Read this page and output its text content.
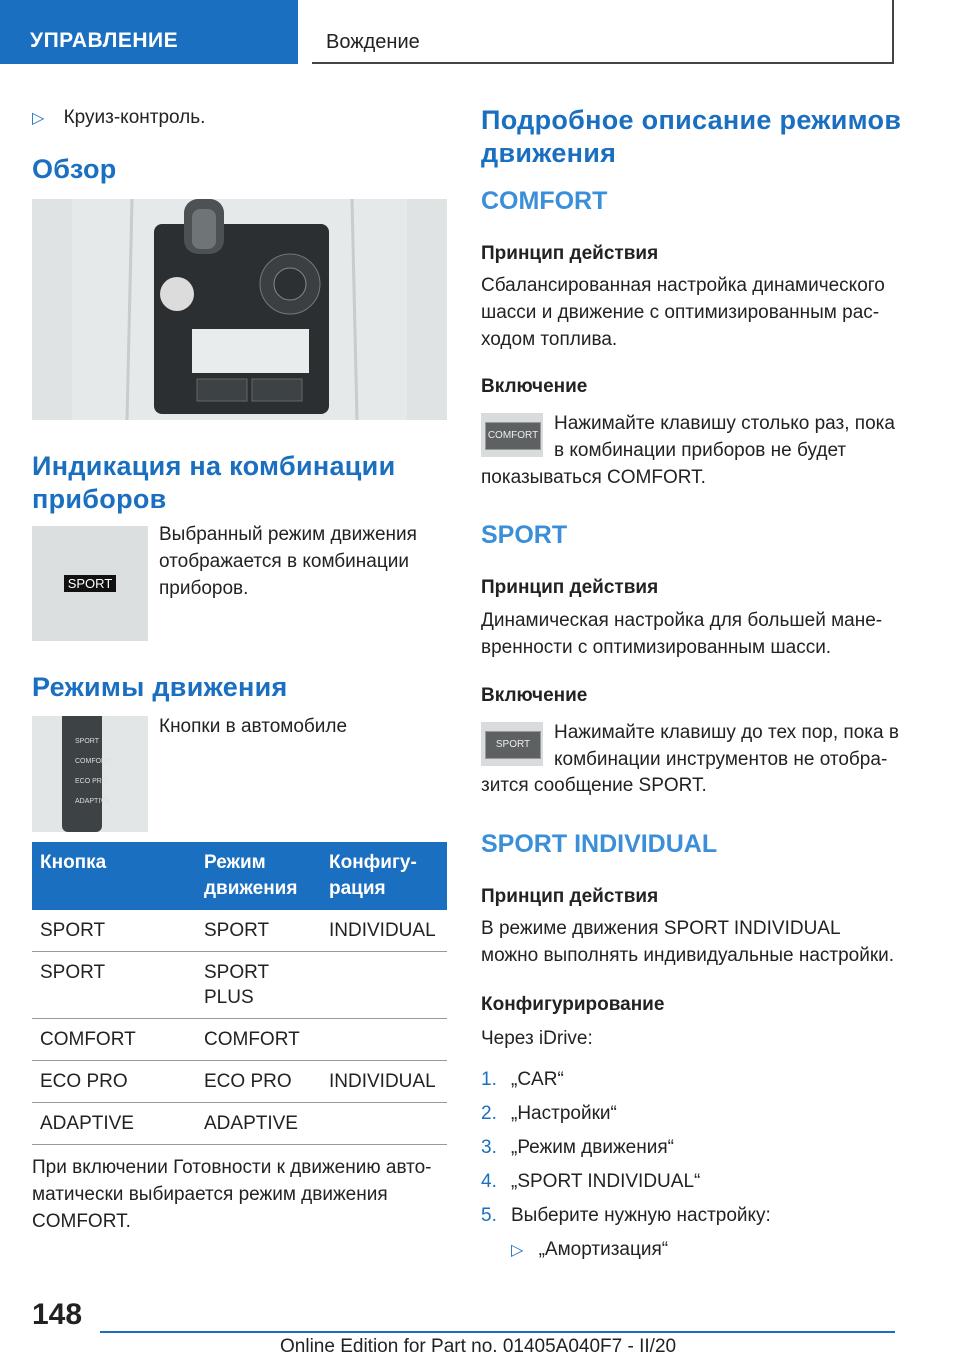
УПРАВЛЕНИЕ	Вождение
▷ Круиз-контроль.
Обзор
Индикация на комбинации
приборов
SPORT
Выбранный режим движения
отображается в комбинации
приборов.
Режимы движения
SPORT
COMFORT
ECO PRO
ADAPTIVE
Кнопки в автомобиле
Кнопка	Режим
движения	Конфигу-
рация
SPORT	SPORT	INDIVIDUAL
SPORT	SPORT
PLUS	
COMFORT	COMFORT	
ECO PRO	ECO PRO	INDIVIDUAL
ADAPTIVE	ADAPTIVE	
При включении Готовности к движению авто-
матически выбирается режим движения
COMFORT.
Подробное описание режимов
движения
COMFORT
Принцип действия
Сбалансированная настройка динамического
шасси и движение с оптимизированным рас-
ходом топлива.
Включение
COMFORT
Нажимайте клавишу столько раз, пока
в комбинации приборов не будет
показываться COMFORT.
SPORT
Принцип действия
Динамическая настройка для большей мане-
вренности с оптимизированным шасси.
Включение
SPORT
Нажимайте клавишу до тех пор, пока в
комбинации инструментов не отобра-
зится сообщение SPORT.
SPORT INDIVIDUAL
Принцип действия
В режиме движения SPORT INDIVIDUAL
можно выполнять индивидуальные настройки.
Конфигурирование
Через iDrive:
1. „CAR“
2. „Настройки“
3. „Режим движения“
4. „SPORT INDIVIDUAL“
5. Выберите нужную настройку:
▷ „Амортизация“
148
Online Edition for Part no. 01405A040F7 - II/20
